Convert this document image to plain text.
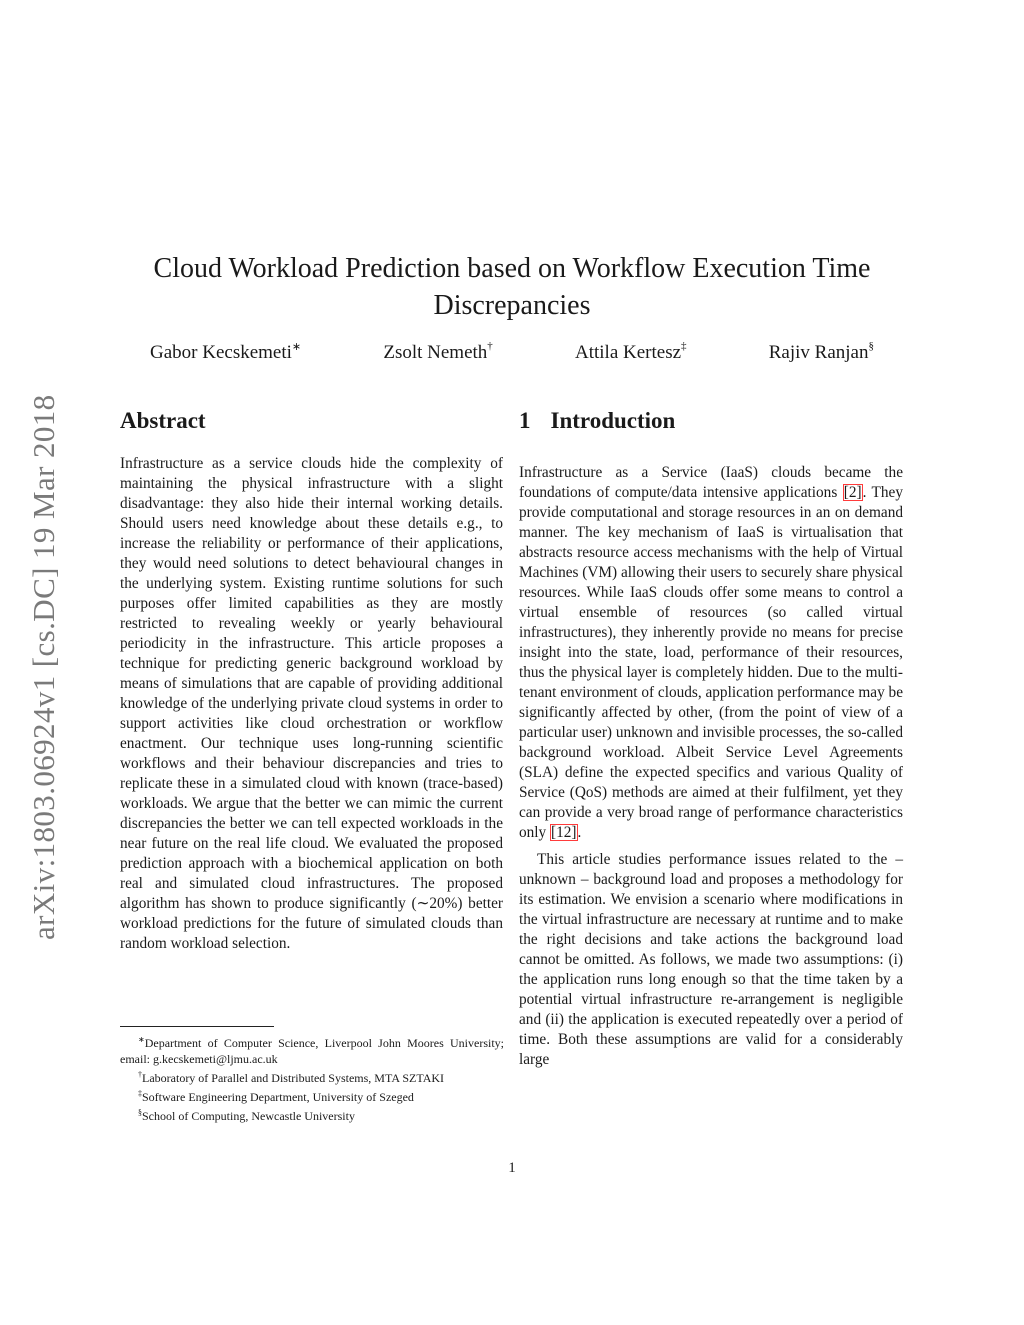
arXiv:1803.06924v1 [cs.DC] 19 Mar 2018
Cloud Workload Prediction based on Workflow Execution Time
Discrepancies
Gabor Kecskemeti∗	Zsolt Nemeth†	Attila Kertesz‡	Rajiv Ranjan§
Abstract

Infrastructure as a service clouds hide the complexity of maintaining the physical infrastructure with a slight disadvantage: they also hide their internal working details. Should users need knowledge about these details e.g., to increase the reliability or performance of their applications, they would need solutions to detect behavioural changes in the underlying system. Existing runtime solutions for such purposes offer limited capabilities as they are mostly restricted to revealing weekly or yearly behavioural periodicity in the infrastructure. This article proposes a technique for predicting generic background workload by means of simulations that are capable of providing additional knowledge of the underlying private cloud systems in order to support activities like cloud orchestration or workflow enactment. Our technique uses long-running scientific workflows and their behaviour discrepancies and tries to replicate these in a simulated cloud with known (trace-based) workloads. We argue that the better we can mimic the current discrepancies the better we can tell expected workloads in the near future on the real life cloud. We evaluated the proposed prediction approach with a biochemical application on both real and simulated cloud infrastructures. The proposed algorithm has shown to produce significantly (∼20%) better workload predictions for the future of simulated clouds than random workload selection.

1 Introduction

Infrastructure as a Service (IaaS) clouds became the foundations of compute/data intensive applications [2]. They provide computational and storage resources in an on demand manner. The key mechanism of IaaS is virtualisation that abstracts resource access mechanisms with the help of Virtual Machines (VM) allowing their users to securely share physical resources. While IaaS clouds offer some means to control a virtual ensemble of resources (so called virtual infrastructures), they inherently provide no means for precise insight into the state, load, performance of their resources, thus the physical layer is completely hidden. Due to the multi-tenant environment of clouds, application performance may be significantly affected by other, (from the point of view of a particular user) unknown and invisible processes, the so-called background workload. Albeit Service Level Agreements (SLA) define the expected specifics and various Quality of Service (QoS) methods are aimed at their fulfilment, yet they can provide a very broad range of performance characteristics only [12].

This article studies performance issues related to the – unknown – background load and proposes a methodology for its estimation. We envision a scenario where modifications in the virtual infrastructure are necessary at runtime and to make the right decisions and take actions the background load cannot be omitted. As follows, we made two assumptions: (i) the application runs long enough so that the time taken by a potential virtual infrastructure re-arrangement is negligible and (ii) the application is executed repeatedly over a period of time. Both these assumptions are valid for a considerably large

∗Department of Computer Science, Liverpool John Moores University; email: g.kecskemeti@ljmu.ac.uk
†Laboratory of Parallel and Distributed Systems, MTA SZTAKI
‡Software Engineering Department, University of Szeged
§School of Computing, Newcastle University
1
